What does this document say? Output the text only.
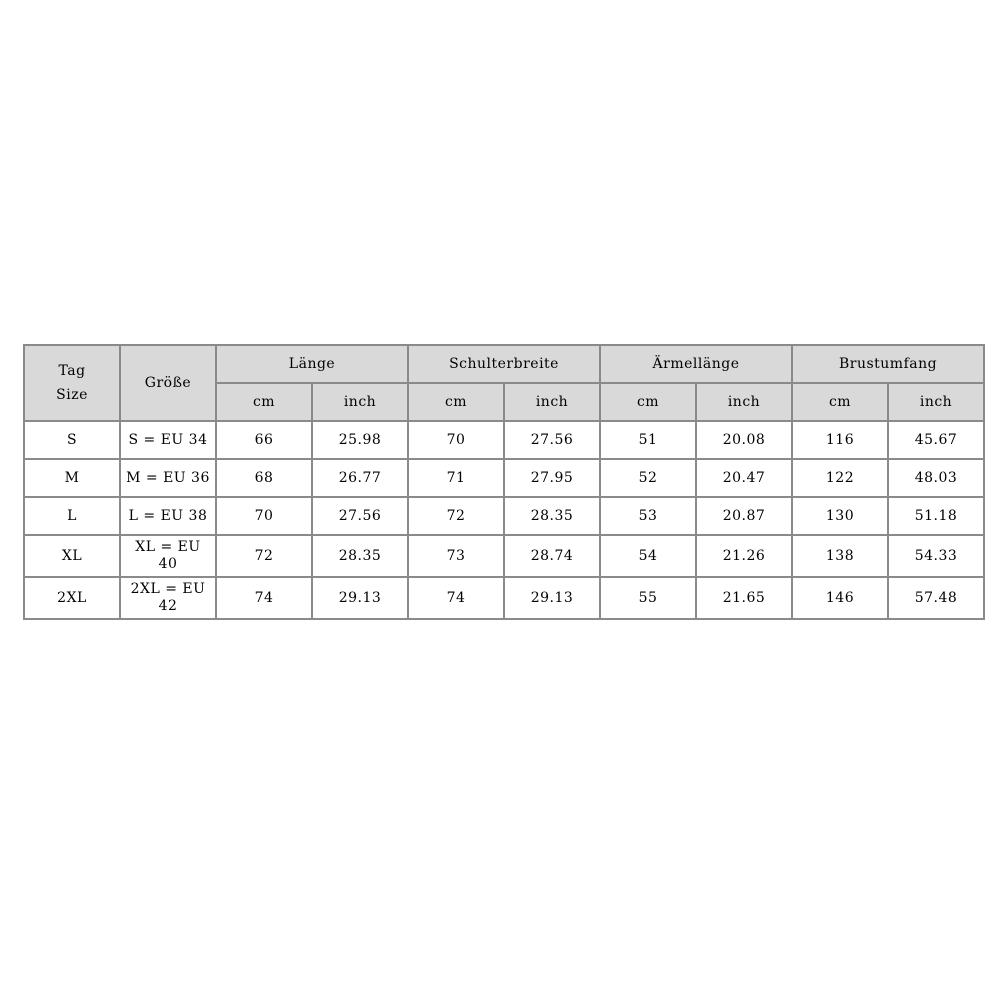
Tag
Size	Größe	Länge		Schulterbreite		Ärmellänge		Brustumfang	
		cm	inch	cm	inch	cm	inch	cm	inch
S	S = EU 34	66	25.98	70	27.56	51	20.08	116	45.67
M	M = EU 36	68	26.77	71	27.95	52	20.47	122	48.03
L	L = EU 38	70	27.56	72	28.35	53	20.87	130	51.18
XL	XL = EU 40	72	28.35	73	28.74	54	21.26	138	54.33
2XL	2XL = EU 42	74	29.13	74	29.13	55	21.65	146	57.48
